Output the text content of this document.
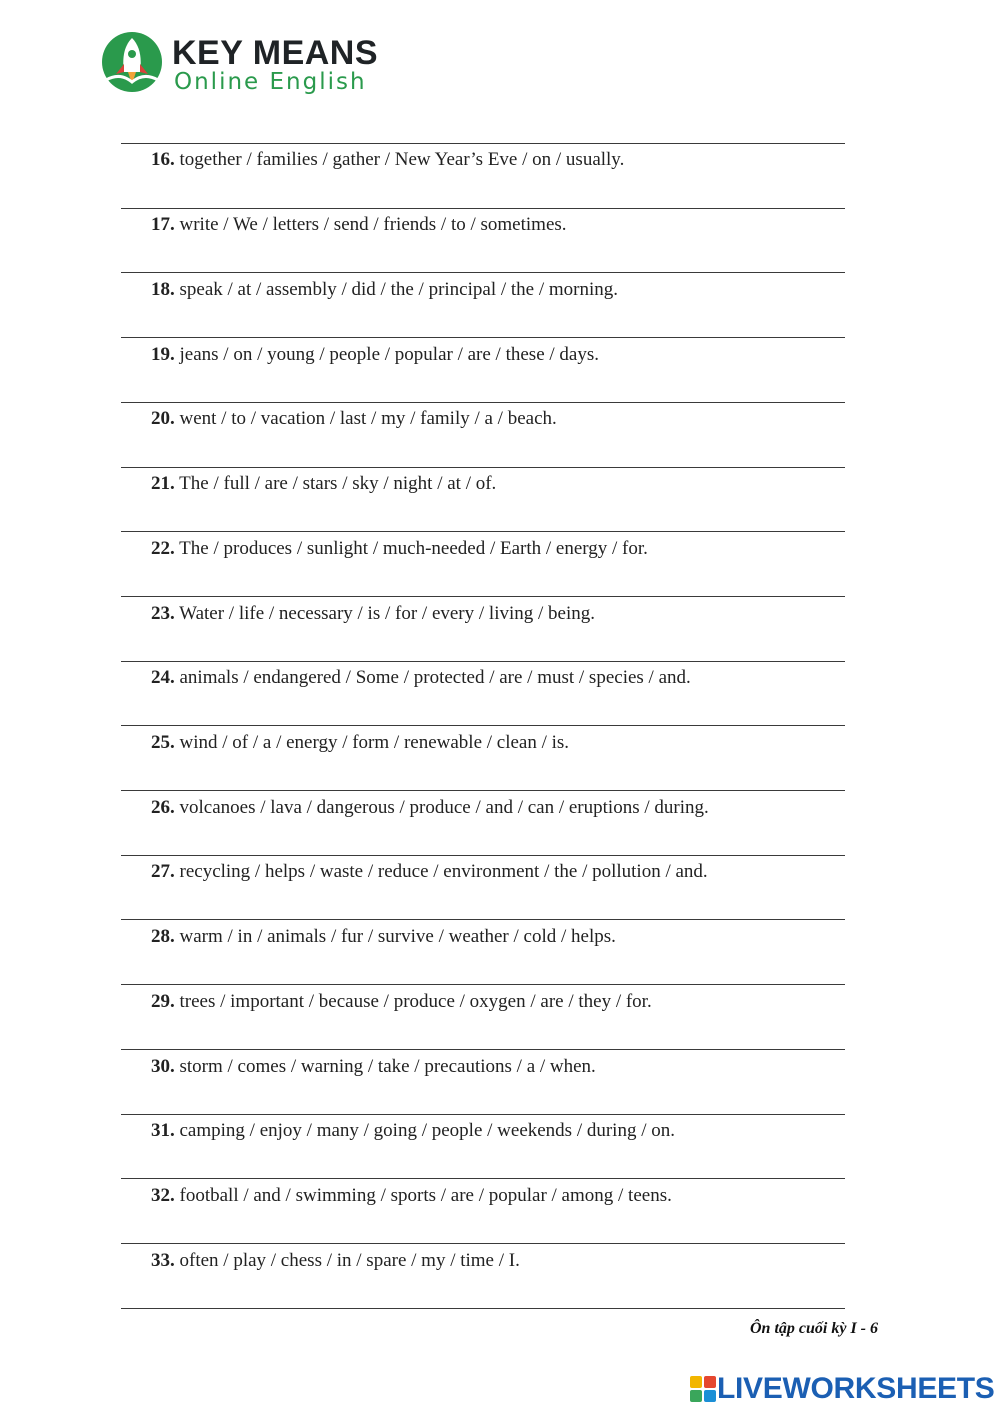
KEY MEANS
Online English

16. together / families / gather / New Year’s Eve / on / usually.

17. write / We / letters / send / friends / to / sometimes.

18. speak / at / assembly / did / the / principal / the / morning.

19. jeans / on / young / people / popular / are / these / days.

20. went / to / vacation / last / my / family / a / beach.

21. The / full / are / stars / sky / night / at / of.

22. The / produces / sunlight / much-needed / Earth / energy / for.

23. Water / life / necessary / is / for / every / living / being.

24. animals / endangered / Some / protected / are / must / species / and.

25. wind / of / a / energy / form / renewable / clean / is.

26. volcanoes / lava / dangerous / produce / and / can / eruptions / during.

27. recycling / helps / waste / reduce / environment / the / pollution / and.

28. warm / in / animals / fur / survive / weather / cold / helps.

29. trees / important / because / produce / oxygen / are / they / for.

30. storm / comes / warning / take / precautions / a / when.

31. camping / enjoy / many / going / people / weekends / during / on.

32. football / and / swimming / sports / are / popular / among / teens.

33. often / play / chess / in / spare / my / time / I.

Ôn tập cuối kỳ I - 6
LIVEWORKSHEETS
